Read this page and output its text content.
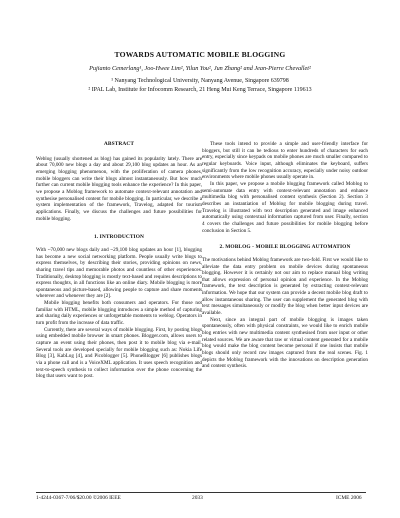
TOWARDS AUTOMATIC MOBILE BLOGGING
Pujianto Cemerlang¹, Joo-Hwee Lim², Yilun You², Jun Zhang² and Jean-Pierre Chevallet²
¹ Nanyang Technological University, Nanyang Avenue, Singapore 639798
² IPAL Lab, Institute for Infocomm Research, 21 Heng Mui Keng Terrace, Singapore 119613
ABSTRACT

Weblog (usually shortened as blog) has gained its popularity lately. There are about 70,000 new blogs a day and about 29,100 blog updates an hour. As an emerging blogging phenomenon, with the proliferation of camera phones, mobile bloggers can write their blogs almost instantaneously. But how much further can current mobile blogging tools enhance the experience? In this paper, we propose a Moblog framework to automate context-relevant annotation and synthesise personalised content for mobile blogging. In particular, we describe a system implementation of the framework, Travelog, adapted for tourism applications. Finally, we discuss the challenges and future possibilities for mobile blogging.

1. INTRODUCTION

With ~70,000 new blogs daily and ~29,100 blog updates an hour [1], blogging has become a new social networking platform. People usually write blogs to express themselves, by describing their stories, providing opinions on news, sharing travel tips and memorable photos and countless of other experiences. Traditionally, desktop blogging is mostly text-based and requires descriptions to express thoughts, in all functions like an online diary. Mobile blogging is more spontaneous and picture-based, allowing people to capture and share moments wherever and whenever they are [2].

Mobile blogging benefits both consumers and operators. For those not familiar with HTML, mobile blogging introduces a simple method of capturing and sharing daily experiences or unforgettable moments to weblog. Operators in turn profit from the increase of data traffic.

Currently, there are several ways of mobile blogging. First, by posting blogs using embedded mobile browser in smart phones. Blogger.com, allows users to capture an event using their phones, then post it to mobile blog via e-mail. Several tools are developed specially for mobile blogging such as: Nokia Life Blog [3], KabLog [4], and Picoblogger [5]. PhoneBlogger [6] publishes blogs via a phone call and is a VoiceXML application. It uses speech recognition and text-to-speech synthesis to collect information over the phone concerning the blog that users want to post.

These tools intend to provide a simple and user-friendly interface for bloggers, but still it can be tedious to enter hundreds of characters for each entry, especially since keypads on mobile phones are much smaller compared to regular keyboards. Voice input, although eliminates the keyboard, suffers significantly from the low recognition accuracy, especially under noisy outdoor environments where mobile phones usually operate in.

In this paper, we propose a mobile blogging framework called Moblog to semi-automate data entry with context-relevant annotation and enhance multimedia blog with personalised content synthesis (Section 2). Section 3 describes an instantiation of Moblog for mobile blogging during travel. Travelog is illustrated with text description generated and image enhanced automatically using contextual information captured from user. Finally, section 4 covers the challenges and future possibilities for mobile blogging before conclusion in Section 5.

2. MOBLOG - MOBILE BLOGGING AUTOMATION

The motivations behind Moblog framework are two-fold. First we would like to alleviate the data entry problem on mobile devices during spontaneous blogging. However it is certainly not our aim to replace manual blog writing that allows expression of personal opinion and experience. In the Moblog framework, the text description is generated by extracting context-relevant information. We hope that our system can provide a decent mobile blog draft to allow instantaneous sharing. The user can supplement the generated blog with text messages simultaneously or modify the blog when better input devices are available.

Next, since an integral part of mobile blogging is images taken spontaneously, often with physical constraints, we would like to enrich mobile blog entries with new multimedia content synthesised from user input or other related sources. We are aware that raw or virtual content generated for a mobile blog would make the blog content become personal if one insists that mobile blogs should only record raw images captured from the real scenes. Fig. 1 depicts the Moblog framework with the innovations on description generation and content synthesis.

1-4244-0367-7/06/$20.00 ©2006 IEEE	2033	ICME 2006
